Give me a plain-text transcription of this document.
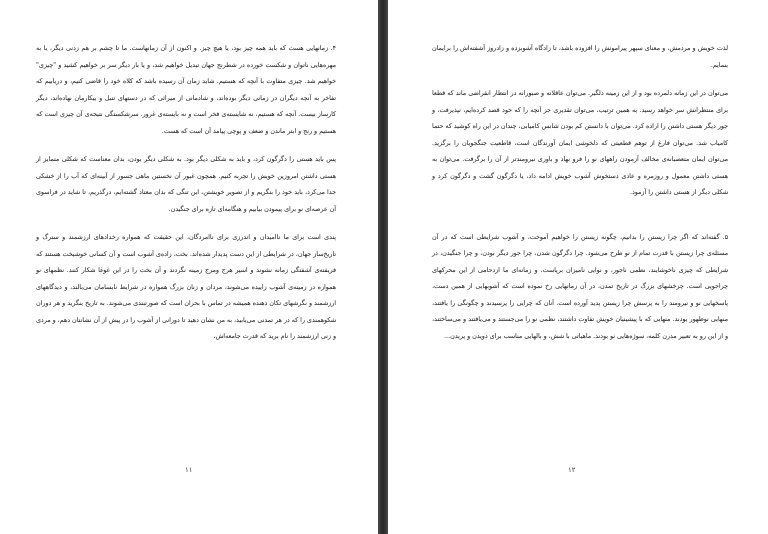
۴. زمانهایی هست که باید همه چیز بود، یا هیچ چیز. و اکنون از آن زمانهاست. ما تا چشم بر هم زدنی دیگر، یا به مهره‌هایی ناتوان و شکست خورده در شطرنج جهان تبدیل خواهیم شد، و یا بار دیگر سر بر خواهیم کشید و "چیزی" خواهیم شد. چیزی متفاوت با آنچه که هستیم. شاید زمان آن رسیده باشد که کلاه خود را قاضی کنیم، و دریابیم که تفاخر به آنچه دیگران در زمانی دیگر بوده‌اند، و شادمانی از میراثی که در دستهای تنبل و بیکارمان نهاده‌اند، دیگر کارساز نیست. آنچه که هستیم، نه شایسته‌ی فخر است و نه بایسته‌ی غرور. سرشکستگی نتیجه‌ی آن چیزی است که هستیم و رنج و ابتر ماندن و ضعف و پوچی پیامد آن است که هست.

پس باید هستی را دگرگون کرد، و باید به شکلی دیگر بود. به شکلی دیگر بودن، بدان معناست که شکلی متمایز از هستی داشتن امروزین خویش را تجربه کنیم. همچون غبور آن نخستین ماهی جسور از آبینه‌ای که آب را از خشکی جدا می‌کرد، باید خود را بنگریم و از تصویر خویشتن، این تنگی که بدان معتاد گشته‌ایم، درگذریم، تا شاید در فراسوی آن عرصه‌ای نو برای پیمودن بیابیم و هنگامه‌ای تازه برای جنگیدن.

پندی است برای ما ناامیدان و اندرزی برای ناامردگان، این حقیقت که همواره رخدادهای ارزشمند و سترگ و تاریخ‌ساز جهان، در شرایطی از این دست پدیدار شده‌اند. بخت، زاده‌ی آشوب است و آن کسانی خوشبخت هستند که فریفته‌ی آشفتگی زمانه نشوند و اسیر هرج ومرج زمینه نگردند و آن بخت را در این غوغا شکار کنند. نظمهای نو همواره در زمینه‌ی آشوب زاییده می‌شوند، مردان و زنان بزرگ همواره در شرایط نابسامان می‌بالند، و دیدگاههای ارزشمند و نگرشهای تکان دهنده همیشه در تماس با بحران است که صورتبندی می‌شوند. به تاریخ بنگرید و هر دوران شکوهمندی را که در هر تمدنی می‌یابید، به من نشان دهید تا دورانی از آشوب را در پیش از آن نشانتان دهم، و مردی و زنی ارزشمند را نام برید که قدرت جامعه‌اش،

۱۱

لذت خویش و مردمش، و معنای سپهر پیرامونش را افزوده باشد، تا زادگاه آشوبزده و زادروز آشفته‌اش را برایمان بنمایم.

می‌توان در این زمانه دلمرده بود و از این زمینه دلگیر. می‌توان عاقلانه و صبورانه در انتظار انقراضی ماند که قطعا برای منتظرانش سر خواهد رسید. به همین ترتیب، می‌توان تقدیری جز آنچه را که خود قصد کرده‌ایم، نپذیرفت، و جور دیگر هستی داشتن را اراده کرد. می‌توان با دانستن کم بودن شانس کامیابی، چندان در این راه کوشید که حتما کامیاب شد. می‌توان فارغ از توهم قطعیتی که دلخوشی ایمان آورندگان است، قاطعیت جنگجویان را برگزید. می‌توان ایمان متعصبانه‌ی مخالف آزمودن راههای نو را فرو نهاد و باوری نیرومندتر از آن را برگرفت. می‌توان به هستی داشتن معمول و روزمره و عادی دستخوش آشوب خویش ادامه داد، یا دگرگون گشت و دگرگون کرد و شکلی دیگر از هستی داشتن را آزمود.

۵. گفته‌اند که اگر چرا زیستن را بدانیم، چگونه زیستن را خواهیم آموخت، و آشوب شرایطی است که در آن مسئله‌ی چرا زیستن با قدرت تمام از نو طرح می‌شود. چرا دگرگون شدن، چرا جور دیگر بودن، و چرا جنگیدن، در شرایطی که چیزی ناخوشایند، نظمی ناجور، و نوایی نامیزان برپاست، و زمانه‌ای ما ازدحامی از این محرکهای چراجویی است. چرخشهای بزرگ در تاریخ تمدن، در آن زمانهایی رخ نموده است که آشوبهایی از همین دست، پاسخهایی نو و نیرومند را به پرسش چرا زیستن پدید آورده است. آنان که چرایی را پرسیدند و چگونگی را یافتند، منهایی نوظهور بودند. منهایی که با پیشینیان خویش تفاوت داشتند، نظمی نو را می‌جستند و می‌یافتند و می‌ساختند، و از این رو به تعبیر مدرن کلمه، سوژه‌هایی نو بودند. ماهیاتی با شش، و بالهایی مناسب برای دویدن و پریدن...

۱۲
